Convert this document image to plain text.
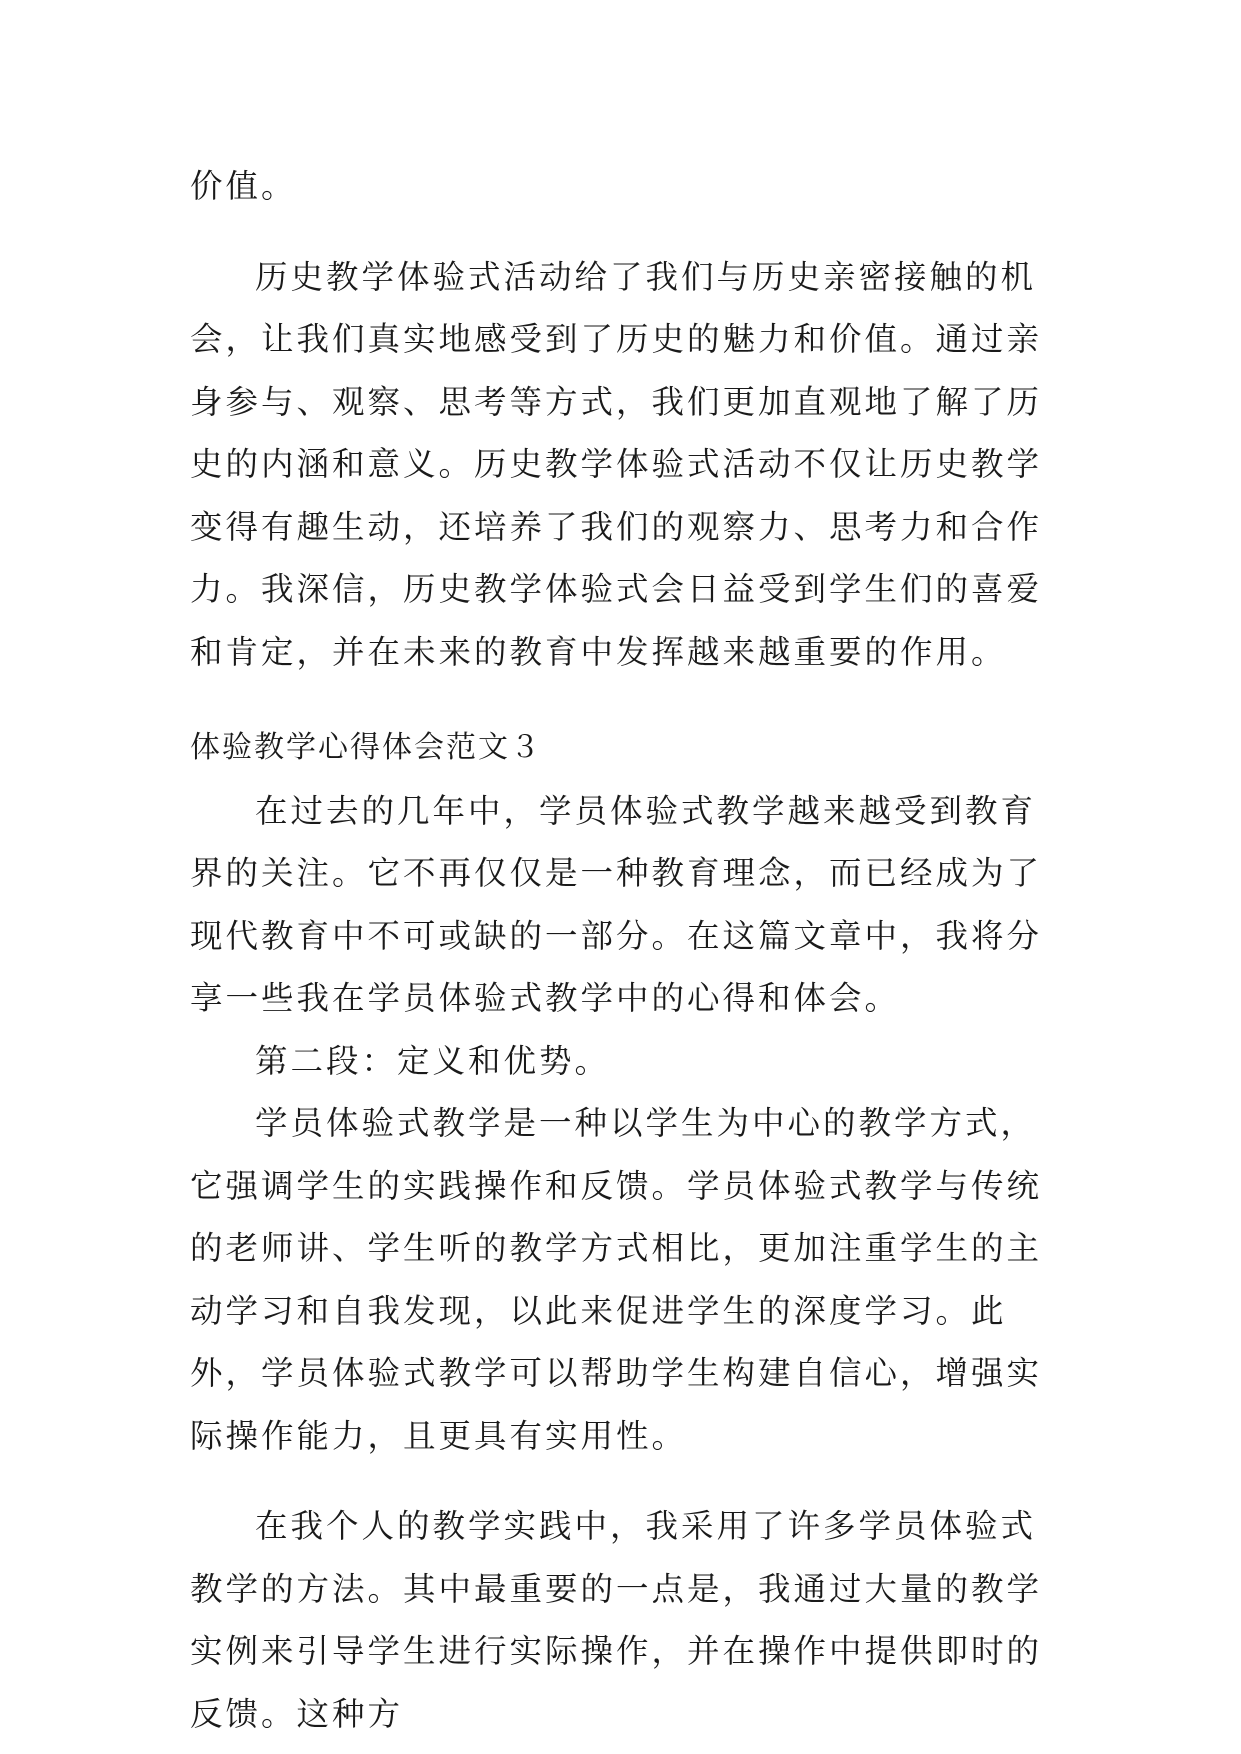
价值。

历史教学体验式活动给了我们与历史亲密接触的机会，让我们真实地感受到了历史的魅力和价值。通过亲身参与、观察、思考等方式，我们更加直观地了解了历史的内涵和意义。历史教学体验式活动不仅让历史教学变得有趣生动，还培养了我们的观察力、思考力和合作力。我深信，历史教学体验式会日益受到学生们的喜爱和肯定，并在未来的教育中发挥越来越重要的作用。

体验教学心得体会范文３

在过去的几年中，学员体验式教学越来越受到教育界的关注。它不再仅仅是一种教育理念，而已经成为了现代教育中不可或缺的一部分。在这篇文章中，我将分享一些我在学员体验式教学中的心得和体会。

第二段：定义和优势。

学员体验式教学是一种以学生为中心的教学方式，它强调学生的实践操作和反馈。学员体验式教学与传统的老师讲、学生听的教学方式相比，更加注重学生的主动学习和自我发现，以此来促进学生的深度学习。此外，学员体验式教学可以帮助学生构建自信心，增强实际操作能力，且更具有实用性。

在我个人的教学实践中，我采用了许多学员体验式教学的方法。其中最重要的一点是，我通过大量的教学实例来引导学生进行实际操作，并在操作中提供即时的反馈。这种方
